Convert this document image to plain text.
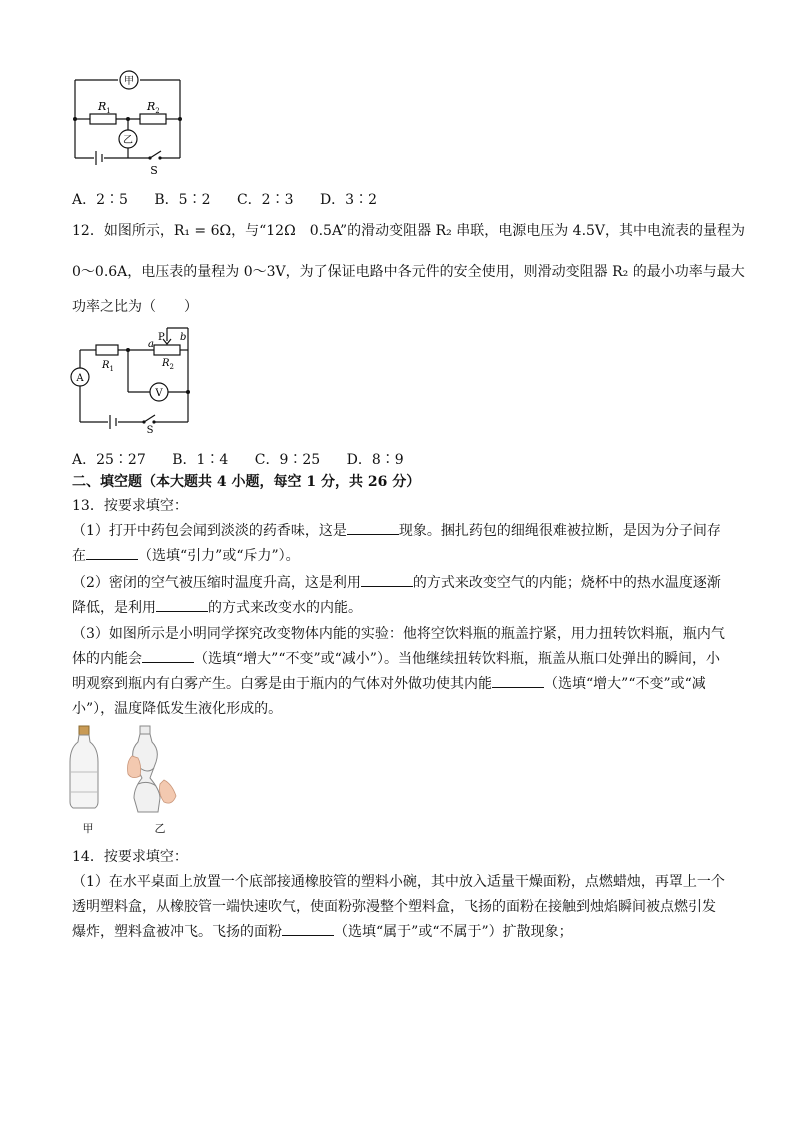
甲
乙
$R_1$	$R_2$
S
A．2∶5 B．5∶2 C．2∶3 D．3∶2
12．如图所示，R₁ = 6Ω，与“12Ω　0.5A”的滑动变阻器 R₂ 串联，电源电压为 4.5V，其中电流表的量程为
0～0.6A，电压表的量程为 0～3V，为了保证电路中各元件的安全使用，则滑动变阻器 R₂ 的最小功率与最大
功率之比为（　　）
A
V
$R_1$	$R_2$
P
a
b
S
A．25∶27 B．1∶4 C．9∶25 D．8∶9
二、填空题（本大题共 4 小题，每空 1 分，共 26 分）
13．按要求填空：
（1）打开中药包会闻到淡淡的药香味，这是	现象。捆扎药包的细绳很难被拉断，是因为分子间存
在	（选填“引力”或“斥力”）。
（2）密闭的空气被压缩时温度升高，这是利用	的方式来改变空气的内能；烧杯中的热水温度逐渐
降低，是利用	的方式来改变水的内能。
（3）如图所示是小明同学探究改变物体内能的实验：他将空饮料瓶的瓶盖拧紧，用力扭转饮料瓶，瓶内气
体的内能会	（选填“增大”“不变”或“减小”）。当他继续扭转饮料瓶，瓶盖从瓶口处弹出的瞬间，小
明观察到瓶内有白雾产生。白雾是由于瓶内的气体对外做功使其内能	（选填“增大”“不变”或“减
小”），温度降低发生液化形成的。
甲	乙
14．按要求填空：
（1）在水平桌面上放置一个底部接通橡胶管的塑料小碗，其中放入适量干燥面粉，点燃蜡烛，再罩上一个
透明塑料盒，从橡胶管一端快速吹气，使面粉弥漫整个塑料盒，飞扬的面粉在接触到烛焰瞬间被点燃引发
爆炸，塑料盒被冲飞。飞扬的面粉	（选填“属于”或“不属于”）扩散现象；
